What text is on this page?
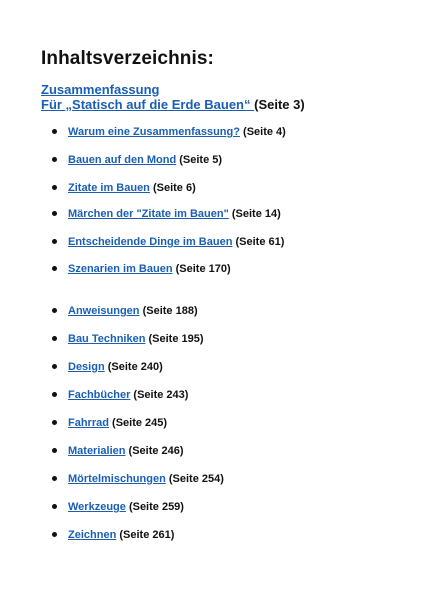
Inhaltsverzeichnis:
Zusammenfassung
Für „Statisch auf die Erde Bauen“ (Seite 3)
Warum eine Zusammenfassung? (Seite 4)
Bauen auf den Mond (Seite 5)
Zitate im Bauen (Seite 6)
Märchen der "Zitate im Bauen" (Seite 14)
Entscheidende Dinge im Bauen (Seite 61)
Szenarien im Bauen (Seite 170)
Anweisungen (Seite 188)
Bau Techniken (Seite 195)
Design (Seite 240)
Fachbücher (Seite 243)
Fahrrad (Seite 245)
Materialien (Seite 246)
Mörtelmischungen (Seite 254)
Werkzeuge (Seite 259)
Zeichnen (Seite 261)
